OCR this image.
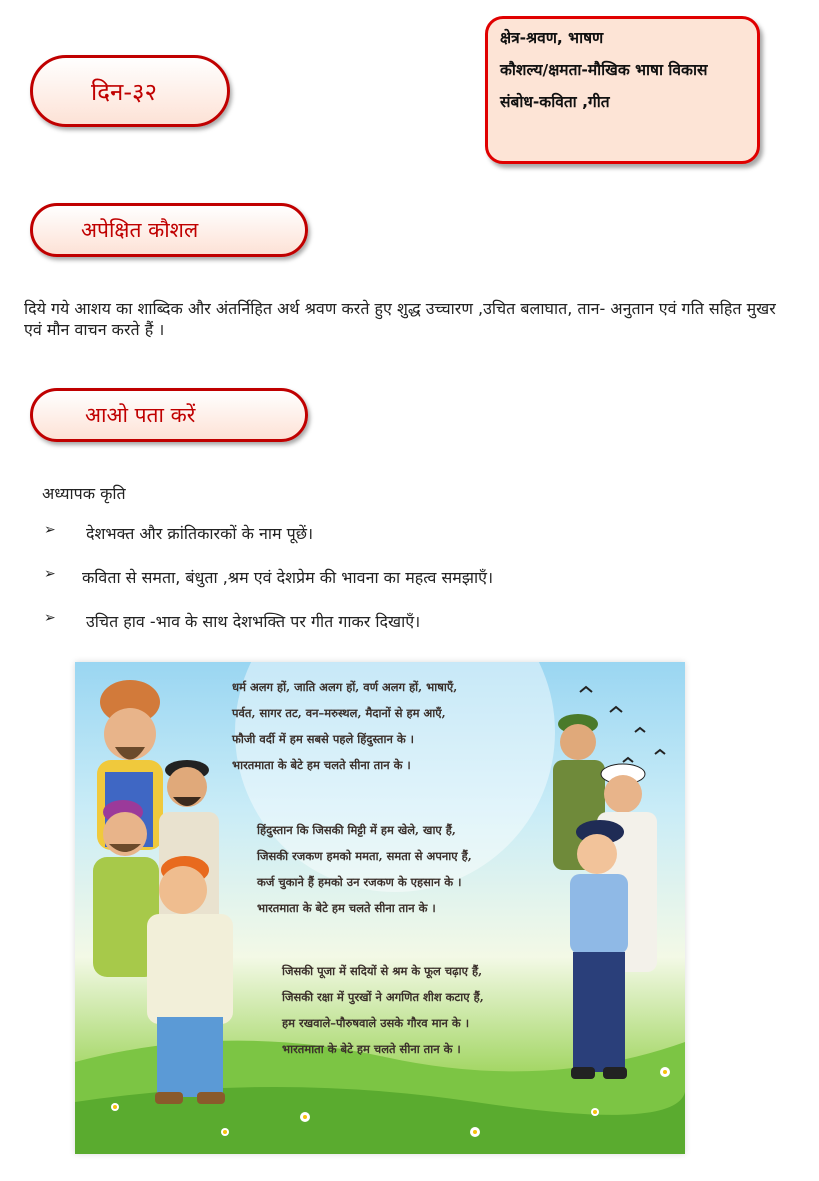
दिन-३२
क्षेत्र-श्रवण, भाषण
कौशल्य/क्षमता-मौखिक भाषा विकास
संबोध-कविता ,गीत
अपेक्षित कौशल
दिये गये आशय का शाब्दिक और अंतर्निहित अर्थ श्रवण करते हुए शुद्ध उच्चारण ,उचित बलाघात, तान- अनुतान एवं गति सहित मुखर एवं मौन वाचन करते हैं ।
आओ पता करें
अध्यापक कृति
➢	देशभक्त और क्रांतिकारकों के नाम पूछें।
➢	कविता से समता, बंधुता ,श्रम एवं देशप्रेम की भावना का महत्व समझाएँ।
➢	उचित हाव -भाव के साथ देशभक्ति पर गीत गाकर दिखाएँ।
धर्म अलग हों, जाति अलग हों, वर्ण अलग हों, भाषाएँ,
पर्वत, सागर तट, वन–मरुस्थल, मैदानों से हम आएँ,
फौजी वर्दी में हम सबसे पहले हिंदुस्तान के ।
भारतमाता के बेटे हम चलते सीना तान के ।
हिंदुस्तान कि जिसकी मिट्टी में हम खेले, खाए हैं,
जिसकी रजकण हमको ममता, समता से अपनाए हैं,
कर्ज चुकाने हैं हमको उन रजकण के एहसान के ।
भारतमाता के बेटे हम चलते सीना तान के ।
जिसकी पूजा में सदियों से श्रम के फूल चढ़ाए हैं,
जिसकी रक्षा में पुरखों ने अगणित शीश कटाए हैं,
हम रखवाले–पौरुषवाले उसके गौरव मान के ।
भारतमाता के बेटे हम चलते सीना तान के ।
